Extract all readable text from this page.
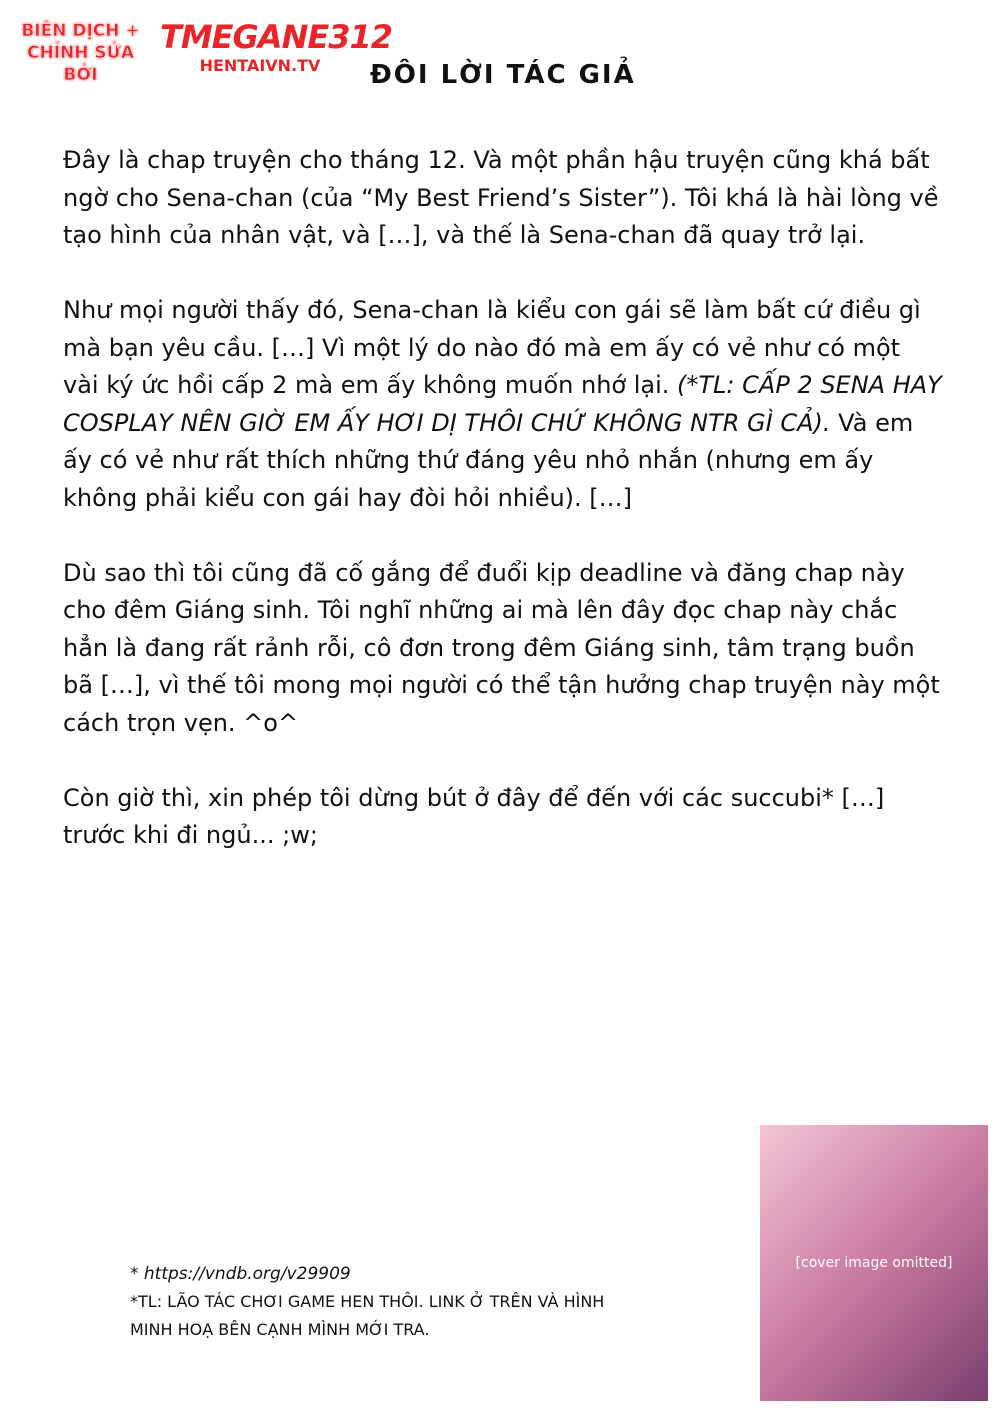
BIÊN DỊCH + CHỈNH SỬA BỞI
TMEGANE312
HENTAIVN.TV	ĐÔI LỜI TÁC GIẢ

Đây là chap truyện cho tháng 12. Và một phần hậu truyện cũng khá bất ngờ cho Sena-chan (của “My Best Friend’s Sister”). Tôi khá là hài lòng về tạo hình của nhân vật, và […], và thế là Sena-chan đã quay trở lại.

Như mọi người thấy đó, Sena-chan là kiểu con gái sẽ làm bất cứ điều gì mà bạn yêu cầu. […] Vì một lý do nào đó mà em ấy có vẻ như có một vài ký ức hồi cấp 2 mà em ấy không muốn nhớ lại. (*TL: CẤP 2 SENA HAY COSPLAY NÊN GIỜ EM ẤY HƠI DỊ THÔI CHỨ KHÔNG NTR GÌ CẢ). Và em ấy có vẻ như rất thích những thứ đáng yêu nhỏ nhắn (nhưng em ấy không phải kiểu con gái hay đòi hỏi nhiều). […]

Dù sao thì tôi cũng đã cố gắng để đuổi kịp deadline và đăng chap này cho đêm Giáng sinh. Tôi nghĩ những ai mà lên đây đọc chap này chắc hẳn là đang rất rảnh rỗi, cô đơn trong đêm Giáng sinh, tâm trạng buồn bã […], vì thế tôi mong mọi người có thể tận hưởng chap truyện này một cách trọn vẹn. ^o^

Còn giờ thì, xin phép tôi dừng bút ở đây để đến với các succubi* […] trước khi đi ngủ... ;w;

* https://vndb.org/v29909
*TL: LÃO TÁC CHƠI GAME HEN THÔI. LINK Ở TRÊN VÀ HÌNH MINH HOẠ BÊN CẠNH MÌNH MỚI TRA.
[cover image omitted]
